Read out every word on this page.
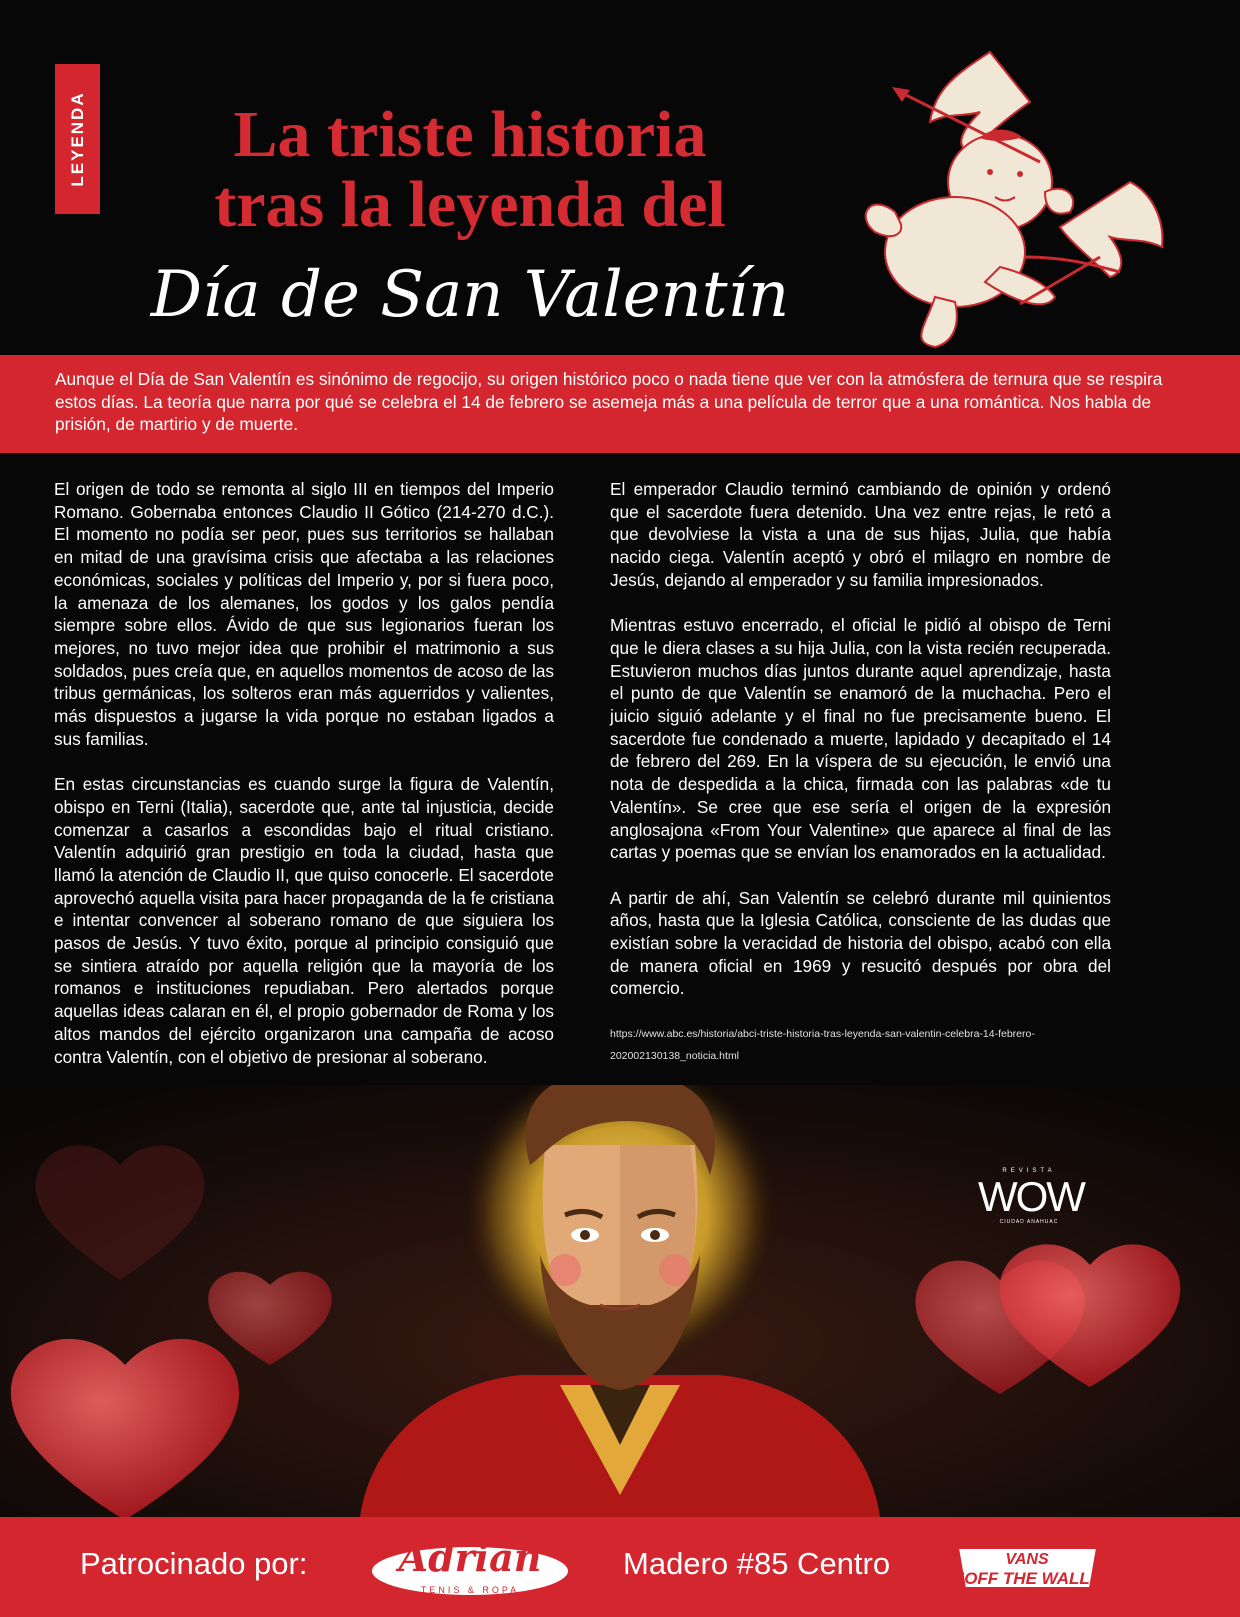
LEYENDA	La triste historia
tras la leyenda del
Día de San Valentín
Aunque el Día de San Valentín es sinónimo de regocijo, su origen histórico poco o nada tiene que ver con la atmósfera de ternura que se respira estos días. La teoría que narra por qué se celebra el 14 de febrero se asemeja más a una película de terror que a una romántica. Nos habla de prisión, de martirio y de muerte.

El origen de todo se remonta al siglo III en tiempos del Imperio Romano. Gobernaba entonces Claudio II Gótico (214-270 d.C.). El momento no podía ser peor, pues sus territorios se hallaban en mitad de una gravísima crisis que afectaba a las relaciones económicas, sociales y políticas del Imperio y, por si fuera poco, la amenaza de los alemanes, los godos y los galos pendía siempre sobre ellos. Ávido de que sus legionarios fueran los mejores, no tuvo mejor idea que prohibir el matrimonio a sus soldados, pues creía que, en aquellos momentos de acoso de las tribus germánicas, los solteros eran más aguerridos y valientes, más dispuestos a jugarse la vida porque no estaban ligados a sus familias.

En estas circunstancias es cuando surge la figura de Valentín, obispo en Terni (Italia), sacerdote que, ante tal injusticia, decide comenzar a casarlos a escondidas bajo el ritual cristiano. Valentín adquirió gran prestigio en toda la ciudad, hasta que llamó la atención de Claudio II, que quiso conocerle. El sacerdote aprovechó aquella visita para hacer propaganda de la fe cristiana e intentar convencer al soberano romano de que siguiera los pasos de Jesús. Y tuvo éxito, porque al principio consiguió que se sintiera atraído por aquella religión que la mayoría de los romanos e instituciones repudiaban. Pero alertados porque aquellas ideas calaran en él, el propio gobernador de Roma y los altos mandos del ejército organizaron una campaña de acoso contra Valentín, con el objetivo de presionar al soberano.

El emperador Claudio terminó cambiando de opinión y ordenó que el sacerdote fuera detenido. Una vez entre rejas, le retó a que devolviese la vista a una de sus hijas, Julia, que había nacido ciega. Valentín aceptó y obró el milagro en nombre de Jesús, dejando al emperador y su familia impresionados.

Mientras estuvo encerrado, el oficial le pidió al obispo de Terni que le diera clases a su hija Julia, con la vista recién recuperada. Estuvieron muchos días juntos durante aquel aprendizaje, hasta el punto de que Valentín se enamoró de la muchacha. Pero el juicio siguió adelante y el final no fue precisamente bueno. El sacerdote fue condenado a muerte, lapidado y decapitado el 14 de febrero del 269. En la víspera de su ejecución, le envió una nota de despedida a la chica, firmada con las palabras «de tu Valentín». Se cree que ese sería el origen de la expresión anglosajona «From Your Valentine» que aparece al final de las cartas y poemas que se envían los enamorados en la actualidad.

A partir de ahí, San Valentín se celebró durante mil quinientos años, hasta que la Iglesia Católica, consciente de las dudas que existían sobre la veracidad de historia del obispo, acabó con ella de manera oficial en 1969 y resucitó después por obra del comercio.

https://www.abc.es/historia/abci-triste-historia-tras-leyenda-san-valentin-celebra-14-febrero-202002130138_noticia.html

REVISTA
WOW
CIUDAD ANAHUAC
Patrocinado por: Adrian
TENIS & ROPA
Madero #85 Centro	VANS
"OFF THE WALL"
